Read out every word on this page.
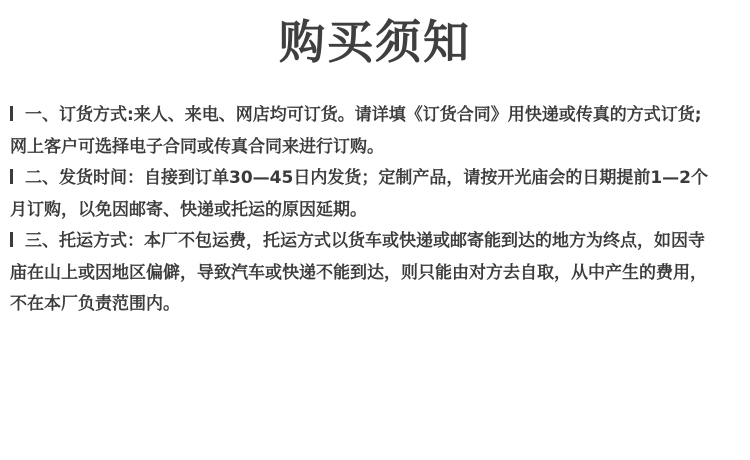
购买须知

一、订货方式:来人、来电、网店均可订货。请详填《订货合同》用快递或传真的方式订货;网上客户可选择电子合同或传真合同来进行订购。

二、发货时间：自接到订单30—45日内发货；定制产品，请按开光庙会的日期提前1—2个月订购，以免因邮寄、快递或托运的原因延期。

三、托运方式：本厂不包运费，托运方式以货车或快递或邮寄能到达的地方为终点，如因寺庙在山上或因地区偏僻，导致汽车或快递不能到达，则只能由对方去自取，从中产生的费用，不在本厂负责范围内。
